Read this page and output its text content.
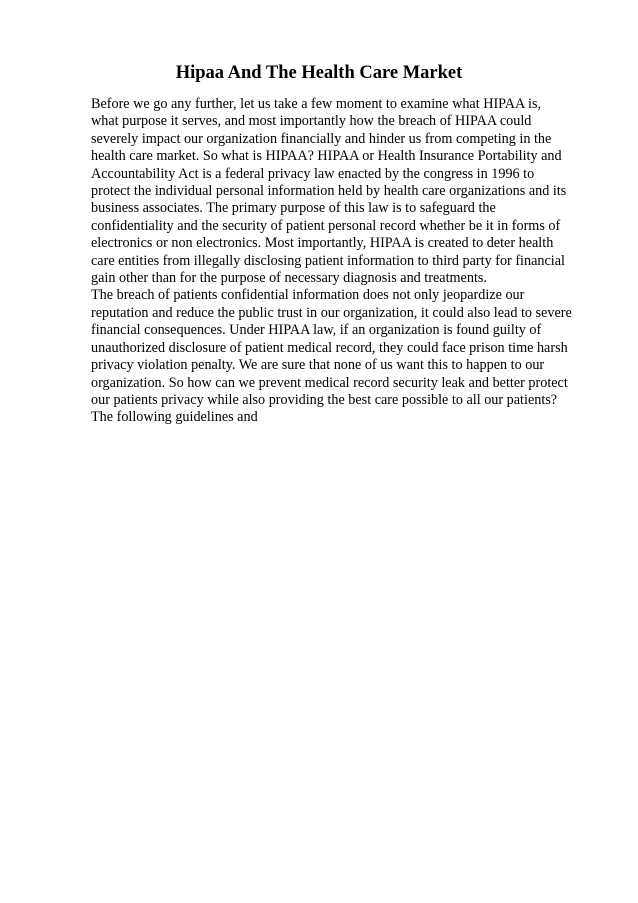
Hipaa And The Health Care Market

Before we go any further, let us take a few moment to examine what HIPAA is,
what purpose it serves, and most importantly how the breach of HIPAA could
severely impact our organization financially and hinder us from competing in the
health care market. So what is HIPAA? HIPAA or Health Insurance Portability and
Accountability Act is a federal privacy law enacted by the congress in 1996 to
protect the individual personal information held by health care organizations and its
business associates. The primary purpose of this law is to safeguard the
confidentiality and the security of patient personal record whether be it in forms of
electronics or non electronics. Most importantly, HIPAA is created to deter health
care entities from illegally disclosing patient information to third party for financial
gain other than for the purpose of necessary diagnosis and treatments.

The breach of patients confidential information does not only jeopardize our
reputation and reduce the public trust in our organization, it could also lead to severe
financial consequences. Under HIPAA law, if an organization is found guilty of
unauthorized disclosure of patient medical record, they could face prison time harsh
privacy violation penalty. We are sure that none of us want this to happen to our
organization. So how can we prevent medical record security leak and better protect
our patients privacy while also providing the best care possible to all our patients?
The following guidelines and
